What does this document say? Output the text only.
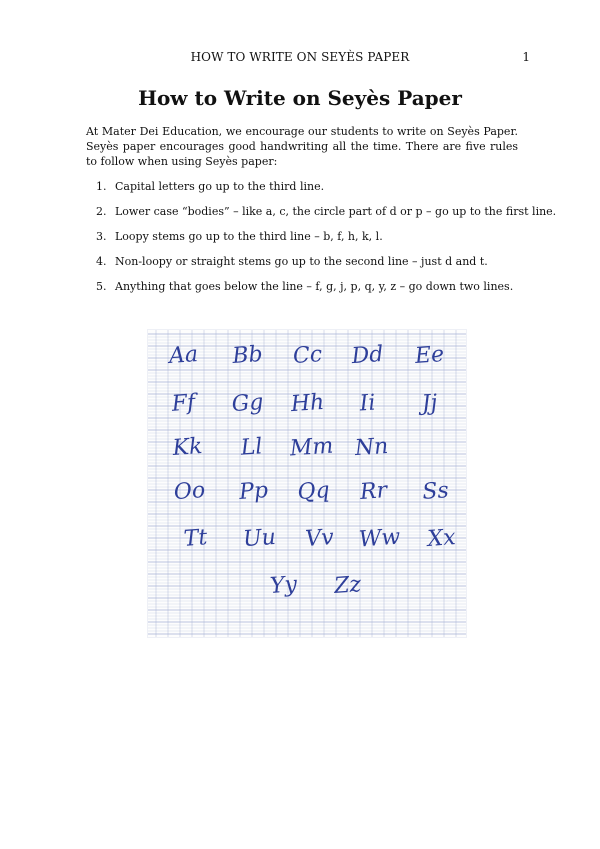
HOW TO WRITE ON SEYÈS PAPER	1
How to Write on Seyès Paper

At Mater Dei Education, we encourage our students to write on Seyès Paper. Seyès paper encourages good handwriting all the time. There are five rules to follow when using Seyès paper:

1. Capital letters go up to the third line.
2. Lower case “bodies” – like a, c, the circle part of d or p – go up to the first line.
3. Loopy stems go up to the third line – b, f, h, k, l.
4. Non-loopy or straight stems go up to the second line – just d and t.
5. Anything that goes below the line – f, g, j, p, q, y, z – go down two lines.
Aa Bb Cc Dd Ee
Ff Gg Hh Ii Jj
Kk Ll Mm Nn
Oo Pp Qq Rr Ss
Tt Uu Vv Ww Xx
Yy Zz
